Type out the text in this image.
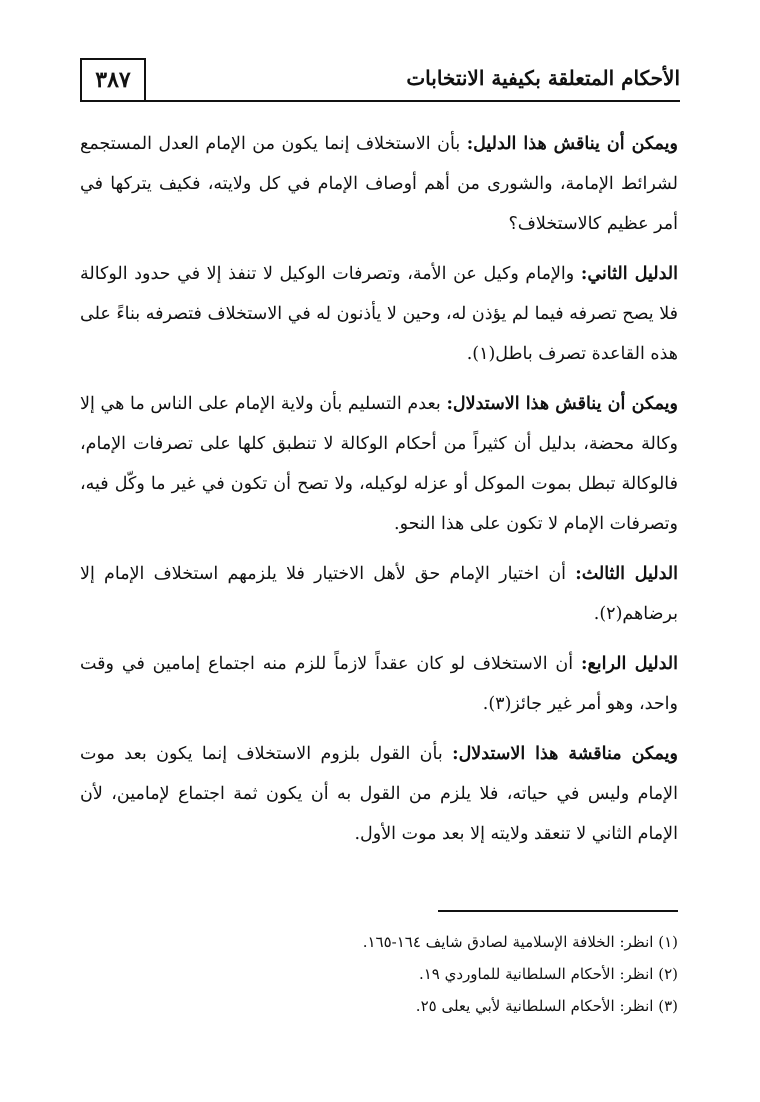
٣٨٧	الأحكام المتعلقة بكيفية الانتخابات

ويمكن أن يناقش هذا الدليل: بأن الاستخلاف إنما يكون من الإمام العدل المستجمع لشرائط الإمامة، والشورى من أهم أوصاف الإمام في كل ولايته، فكيف يتركها في أمر عظيم كالاستخلاف؟

الدليل الثاني: والإمام وكيل عن الأمة، وتصرفات الوكيل لا تنفذ إلا في حدود الوكالة فلا يصح تصرفه فيما لم يؤذن له، وحين لا يأذنون له في الاستخلاف فتصرفه بناءً على هذه القاعدة تصرف باطل(١).

ويمكن أن يناقش هذا الاستدلال: بعدم التسليم بأن ولاية الإمام على الناس ما هي إلا وكالة محضة، بدليل أن كثيراً من أحكام الوكالة لا تنطبق كلها على تصرفات الإمام، فالوكالة تبطل بموت الموكل أو عزله لوكيله، ولا تصح أن تكون في غير ما وكّل فيه، وتصرفات الإمام لا تكون على هذا النحو.

الدليل الثالث: أن اختيار الإمام حق لأهل الاختيار فلا يلزمهم استخلاف الإمام إلا برضاهم(٢).

الدليل الرابع: أن الاستخلاف لو كان عقداً لازماً للزم منه اجتماع إمامين في وقت واحد، وهو أمر غير جائز(٣).

ويمكن مناقشة هذا الاستدلال: بأن القول بلزوم الاستخلاف إنما يكون بعد موت الإمام وليس في حياته، فلا يلزم من القول به أن يكون ثمة اجتماع لإمامين، لأن الإمام الثاني لا تنعقد ولايته إلا بعد موت الأول.

(١) انظر: الخلافة الإسلامية لصادق شايف ١٦٤-١٦٥.

(٢) انظر: الأحكام السلطانية للماوردي ١٩.

(٣) انظر: الأحكام السلطانية لأبي يعلى ٢٥.
